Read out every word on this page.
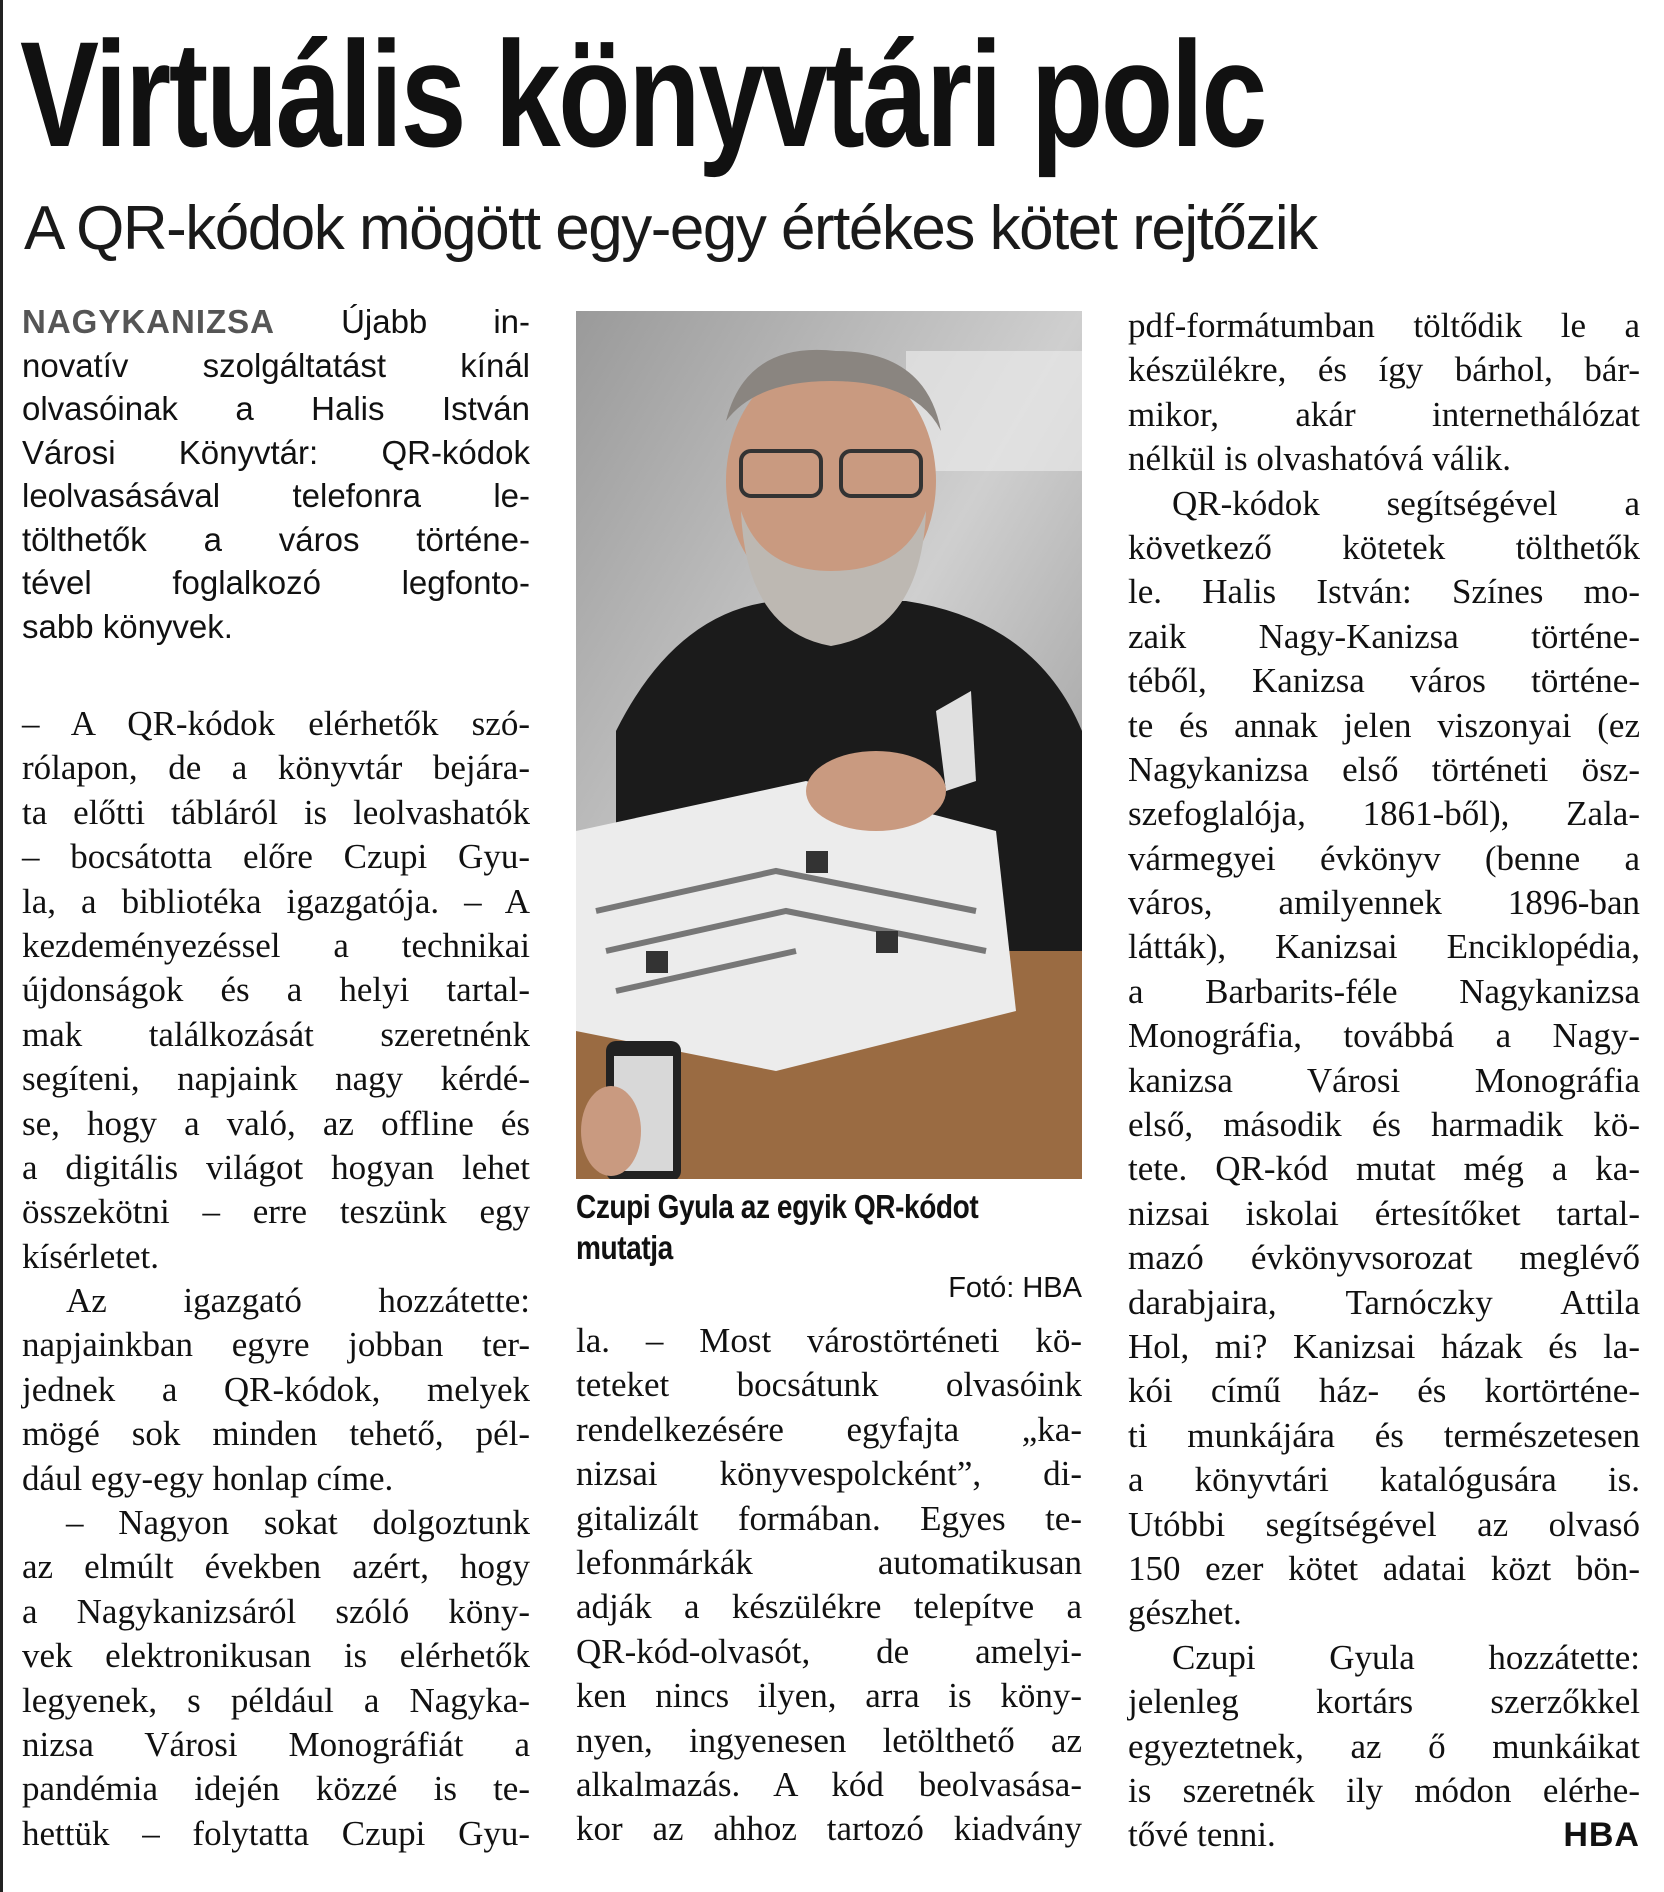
Virtuális könyvtári polc
A QR-kódok mögött egy-egy értékes kötet rejtőzik
NAGYKANIZSA Újabb in-
novatív szolgáltatást kínál
olvasóinak a Halis István
Városi Könyvtár: QR-kódok
leolvasásával telefonra le-
tölthetők a város történe-
tével foglalkozó legfonto-
sabb könyvek.
– A QR-kódok elérhetők szó-
rólapon, de a könyvtár bejára-
ta előtti tábláról is leolvashatók
– bocsátotta előre Czupi Gyu-
la, a bibliotéka igazgatója. – A
kezdeményezéssel a technikai
újdonságok és a helyi tartal-
mak találkozását szeretnénk
segíteni, napjaink nagy kérdé-
se, hogy a való, az offline és
a digitális világot hogyan lehet
összekötni – erre teszünk egy
kísérletet.
Az igazgató hozzátette:
napjainkban egyre jobban ter-
jednek a QR-kódok, melyek
mögé sok minden tehető, pél-
dául egy-egy honlap címe.
– Nagyon sokat dolgoztunk
az elmúlt években azért, hogy
a Nagykanizsáról szóló köny-
vek elektronikusan is elérhetők
legyenek, s például a Nagyka-
nizsa Városi Monográfiát a
pandémia idején közzé is te-
hettük – folytatta Czupi Gyu-
Czupi Gyula az egyik QR-kódot mutatja
Fotó: HBA
la. – Most várostörténeti kö-
teteket bocsátunk olvasóink
rendelkezésére egyfajta „ka-
nizsai könyvespolcként”, di-
gitalizált formában. Egyes te-
lefonmárkák automatikusan
adják a készülékre telepítve a
QR-kód-olvasót, de amelyi-
ken nincs ilyen, arra is köny-
nyen, ingyenesen letölthető az
alkalmazás. A kód beolvasása-
kor az ahhoz tartozó kiadvány
pdf-formátumban töltődik le a
készülékre, és így bárhol, bár-
mikor, akár internethálózat
nélkül is olvashatóvá válik.
QR-kódok segítségével a
következő kötetek tölthetők
le. Halis István: Színes mo-
zaik Nagy-Kanizsa történe-
téből, Kanizsa város történe-
te és annak jelen viszonyai (ez
Nagykanizsa első történeti ösz-
szefoglalója, 1861-ből), Zala-
vármegyei évkönyv (benne a
város, amilyennek 1896-ban
látták), Kanizsai Enciklopédia,
a Barbarits-féle Nagykanizsa
Monográfia, továbbá a Nagy-
kanizsa Városi Monográfia
első, második és harmadik kö-
tete. QR-kód mutat még a ka-
nizsai iskolai értesítőket tartal-
mazó évkönyvsorozat meglévő
darabjaira, Tarnóczky Attila
Hol, mi? Kanizsai házak és la-
kói című ház- és kortörténe-
ti munkájára és természetesen
a könyvtári katalógusára is.
Utóbbi segítségével az olvasó
150 ezer kötet adatai közt bön-
gészhet.
Czupi Gyula hozzátette:
jelenleg kortárs szerzőkkel
egyeztetnek, az ő munkáikat
is szeretnék ily módon elérhe-
tővé tenni.	HBA
